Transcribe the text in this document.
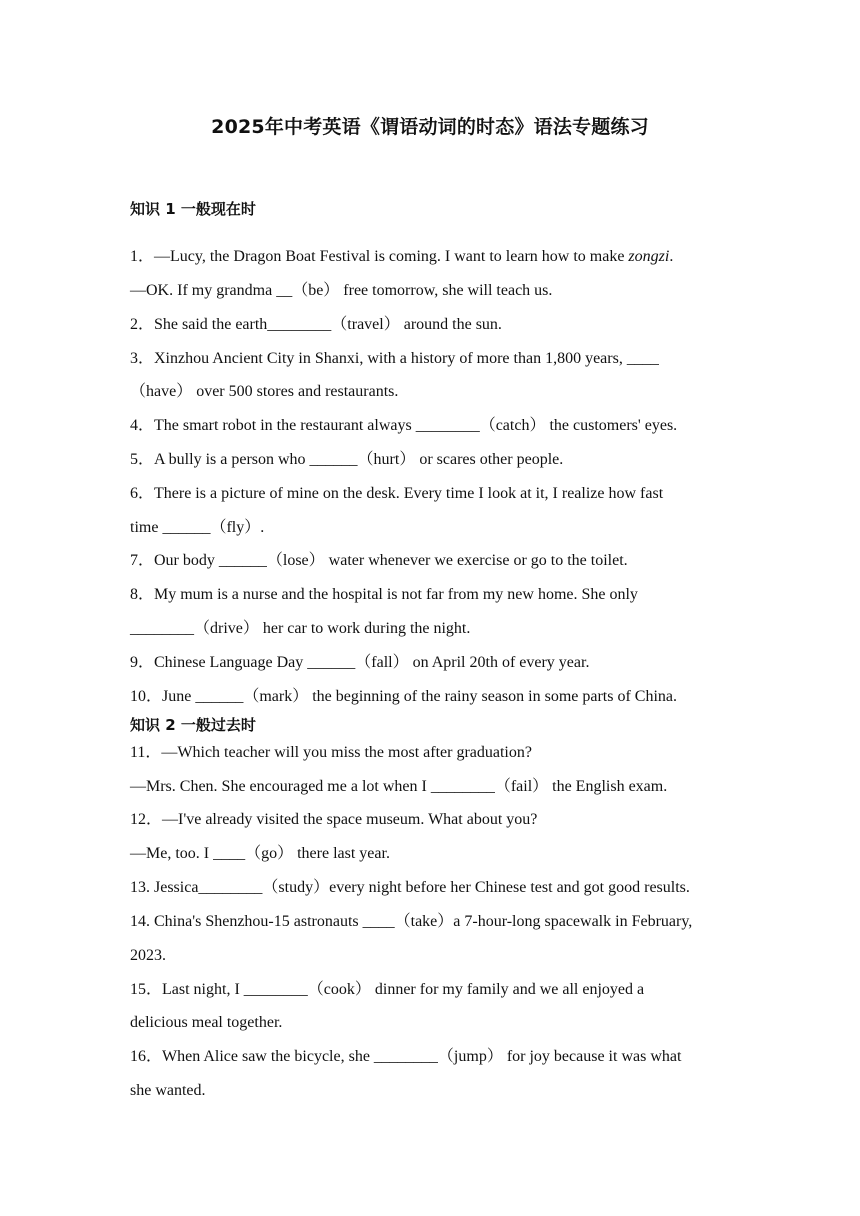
2025年中考英语《谓语动词的时态》语法专题练习
知识 1 一般现在时
1．—Lucy, the Dragon Boat Festival is coming. I want to learn how to make zongzi.
—OK. If my grandma __（be） free tomorrow, she will teach us.
2．She said the earth________（travel） around the sun.
3．Xinzhou Ancient City in Shanxi, with a history of more than 1,800 years, ____
（have） over 500 stores and restaurants.
4．The smart robot in the restaurant always ________（catch） the customers' eyes.
5．A bully is a person who ______（hurt） or scares other people.
6．There is a picture of mine on the desk. Every time I look at it, I realize how fast
time ______（fly）.
7．Our body ______（lose） water whenever we exercise or go to the toilet.
8．My mum is a nurse and the hospital is not far from my new home. She only
________（drive） her car to work during the night.
9．Chinese Language Day ______（fall） on April 20th of every year.
10．June ______（mark） the beginning of the rainy season in some parts of China.
知识 2 一般过去时
11．—Which teacher will you miss the most after graduation?
—Mrs. Chen. She encouraged me a lot when I ________（fail） the English exam.
12．—I've already visited the space museum. What about you?
—Me, too. I ____（go） there last year.
13. Jessica________（study）every night before her Chinese test and got good results.
14. China's Shenzhou-15 astronauts ____（take）a 7-hour-long spacewalk in February,
2023.
15．Last night, I ________（cook） dinner for my family and we all enjoyed a
delicious meal together.
16．When Alice saw the bicycle, she ________（jump） for joy because it was what
she wanted.
